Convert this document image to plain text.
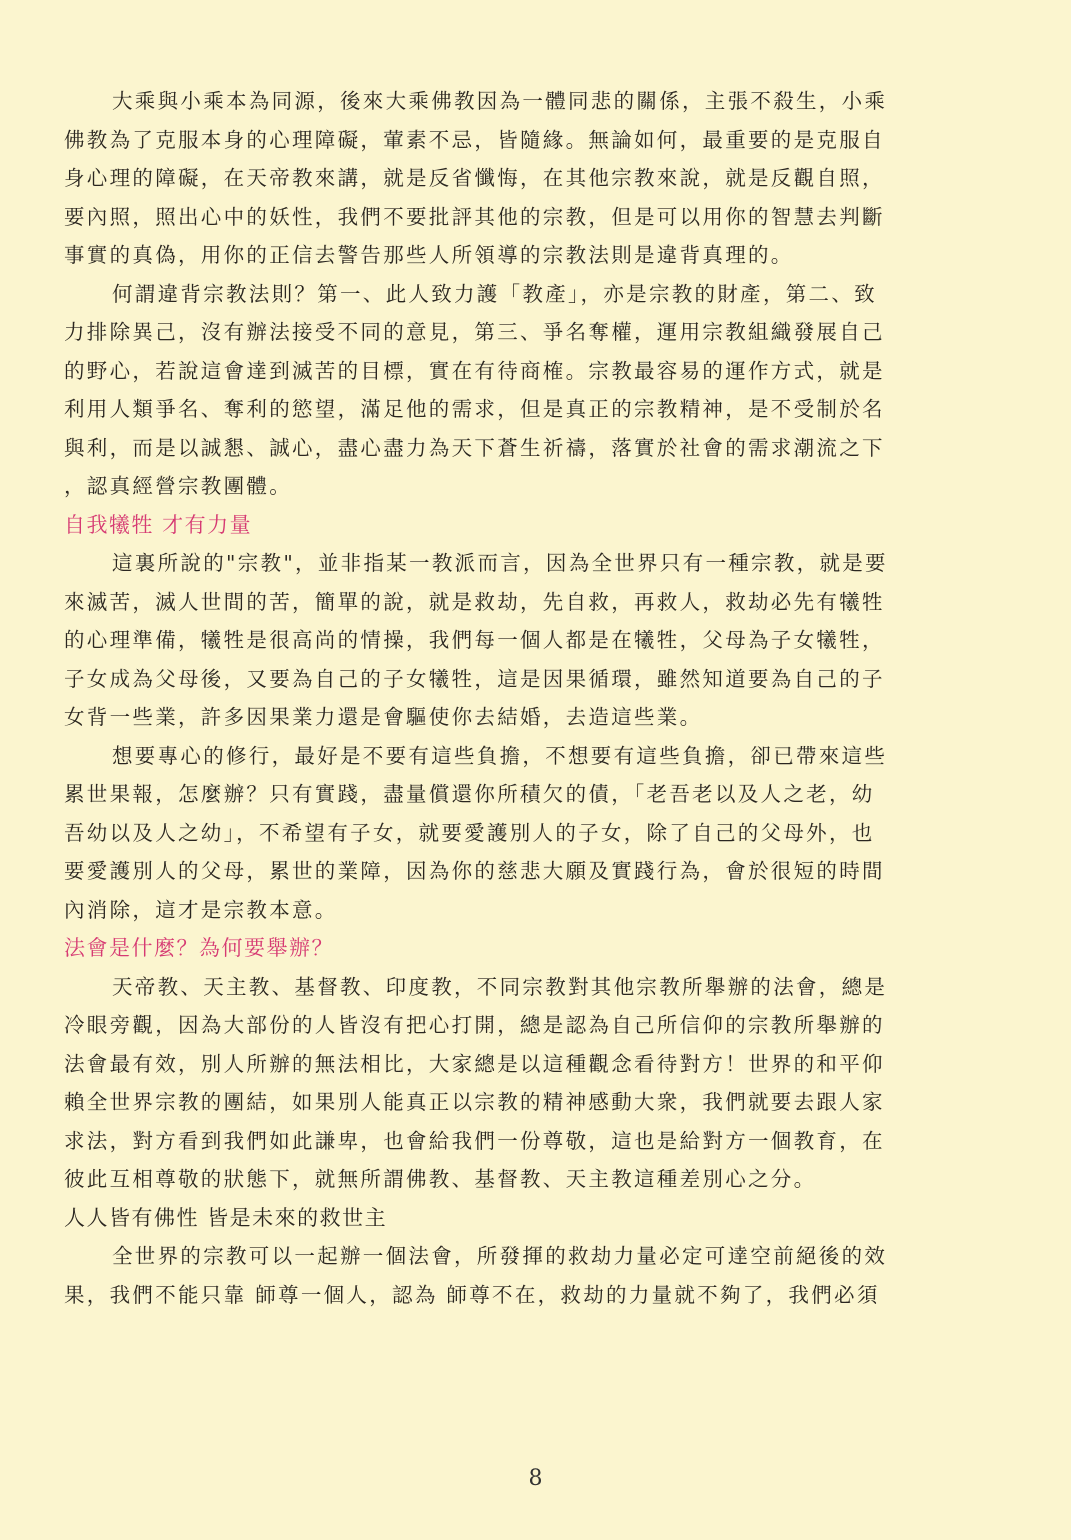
大乘與小乘本為同源，後來大乘佛教因為一體同悲的關係，主張不殺生，小乘
佛教為了克服本身的心理障礙，葷素不忌，皆隨緣。無論如何，最重要的是克服自
身心理的障礙，在天帝教來講，就是反省懺悔，在其他宗教來說，就是反觀自照，
要內照，照出心中的妖性，我們不要批評其他的宗教，但是可以用你的智慧去判斷
事實的真偽，用你的正信去警告那些人所領導的宗教法則是違背真理的。
何謂違背宗教法則？第一、此人致力護「教產」，亦是宗教的財產，第二、致
力排除異己，沒有辦法接受不同的意見，第三、爭名奪權，運用宗教組織發展自己
的野心，若說這會達到滅苦的目標，實在有待商榷。宗教最容易的運作方式，就是
利用人類爭名、奪利的慾望，滿足他的需求，但是真正的宗教精神，是不受制於名
與利，而是以誠懇、誠心，盡心盡力為天下蒼生祈禱，落實於社會的需求潮流之下
，認真經營宗教團體。
自我犧牲 才有力量
這裏所說的"宗教"，並非指某一教派而言，因為全世界只有一種宗教，就是要
來滅苦，滅人世間的苦，簡單的說，就是救劫，先自救，再救人，救劫必先有犧牲
的心理準備，犧牲是很高尚的情操，我們每一個人都是在犧牲，父母為子女犧牲，
子女成為父母後，又要為自己的子女犧牲，這是因果循環，雖然知道要為自己的子
女背一些業，許多因果業力還是會驅使你去結婚，去造這些業。
想要專心的修行，最好是不要有這些負擔，不想要有這些負擔，卻已帶來這些
累世果報，怎麼辦？只有實踐，盡量償還你所積欠的債，「老吾老以及人之老，幼
吾幼以及人之幼」，不希望有子女，就要愛護別人的子女，除了自己的父母外，也
要愛護別人的父母，累世的業障，因為你的慈悲大願及實踐行為，會於很短的時間
內消除，這才是宗教本意。
法會是什麼？為何要舉辦？
天帝教、天主教、基督教、印度教，不同宗教對其他宗教所舉辦的法會，總是
冷眼旁觀，因為大部份的人皆沒有把心打開，總是認為自己所信仰的宗教所舉辦的
法會最有效，別人所辦的無法相比，大家總是以這種觀念看待對方！世界的和平仰
賴全世界宗教的團結，如果別人能真正以宗教的精神感動大衆，我們就要去跟人家
求法，對方看到我們如此謙卑，也會給我們一份尊敬，這也是給對方一個教育，在
彼此互相尊敬的狀態下，就無所謂佛教、基督教、天主教這種差別心之分。
人人皆有佛性 皆是未來的救世主
全世界的宗教可以一起辦一個法會，所發揮的救劫力量必定可達空前絕後的效
果，我們不能只靠 師尊一個人，認為 師尊不在，救劫的力量就不夠了，我們必須
8
